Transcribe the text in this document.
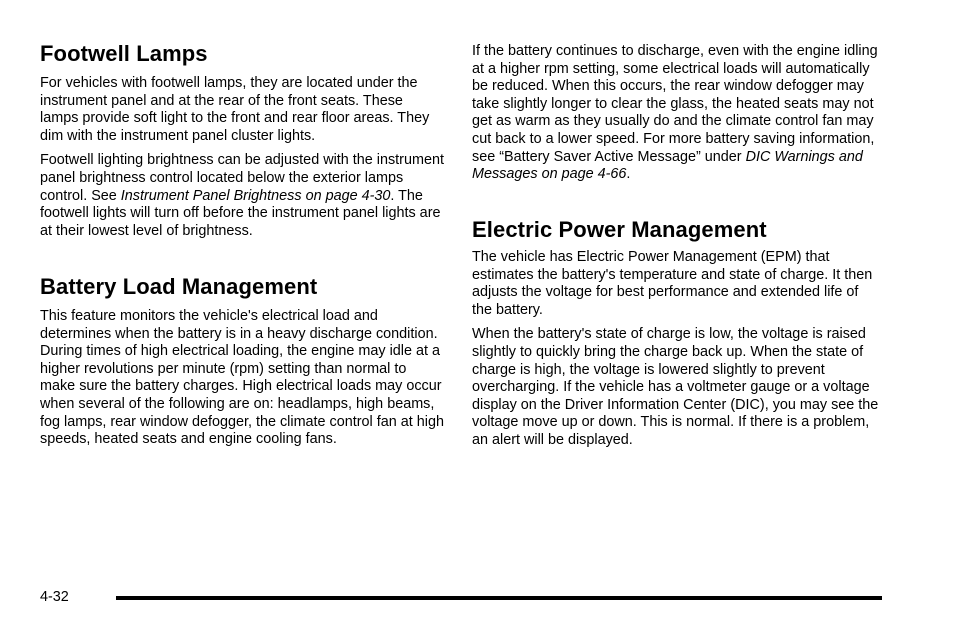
Footwell Lamps

For vehicles with footwell lamps, they are located under the instrument panel and at the rear of the front seats. These lamps provide soft light to the front and rear floor areas. They dim with the instrument panel cluster lights.

Footwell lighting brightness can be adjusted with the instrument panel brightness control located below the exterior lamps control. See Instrument Panel Brightness on page 4-30. The footwell lights will turn off before the instrument panel lights are at their lowest level of brightness.

Battery Load Management

This feature monitors the vehicle's electrical load and determines when the battery is in a heavy discharge condition. During times of high electrical loading, the engine may idle at a higher revolutions per minute (rpm) setting than normal to make sure the battery charges. High electrical loads may occur when several of the following are on: headlamps, high beams, fog lamps, rear window defogger, the climate control fan at high speeds, heated seats and engine cooling fans.

If the battery continues to discharge, even with the engine idling at a higher rpm setting, some electrical loads will automatically be reduced. When this occurs, the rear window defogger may take slightly longer to clear the glass, the heated seats may not get as warm as they usually do and the climate control fan may cut back to a lower speed. For more battery saving information, see “Battery Saver Active Message” under DIC Warnings and Messages on page 4-66.

Electric Power Management

The vehicle has Electric Power Management (EPM) that estimates the battery's temperature and state of charge. It then adjusts the voltage for best performance and extended life of the battery.

When the battery's state of charge is low, the voltage is raised slightly to quickly bring the charge back up. When the state of charge is high, the voltage is lowered slightly to prevent overcharging. If the vehicle has a voltmeter gauge or a voltage display on the Driver Information Center (DIC), you may see the voltage move up or down. This is normal. If there is a problem, an alert will be displayed.

4-32
